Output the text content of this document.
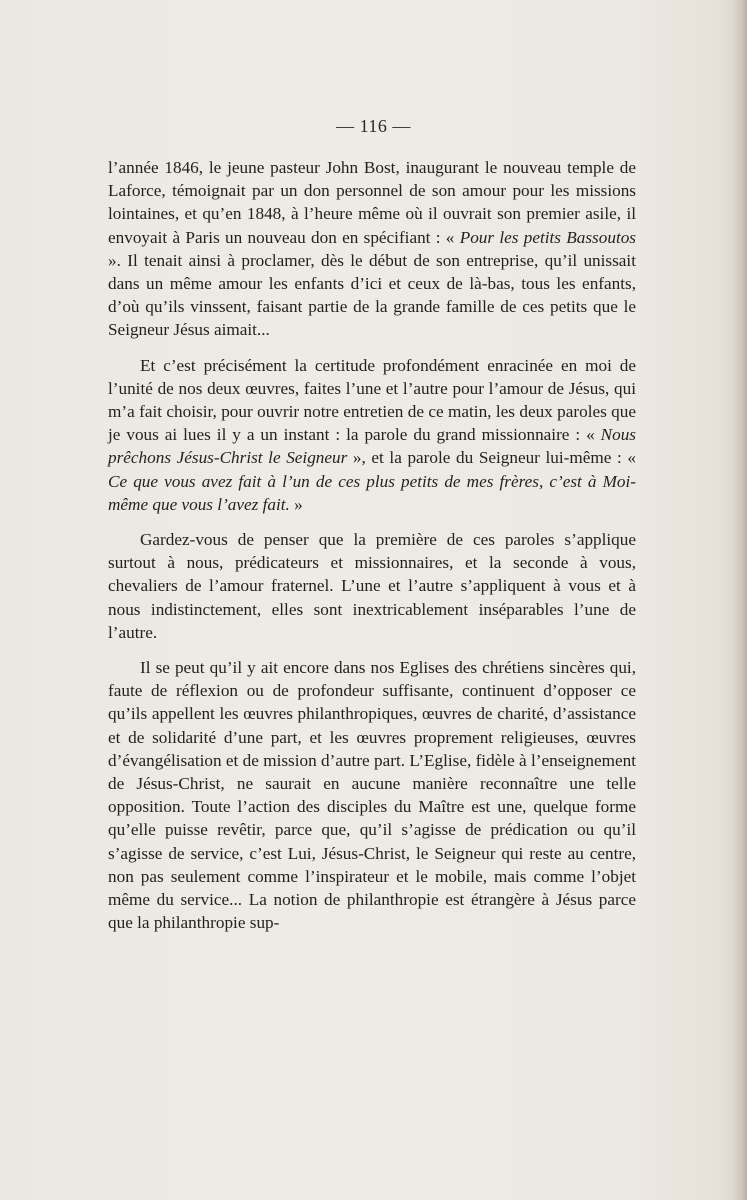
— 116 —

l’année 1846, le jeune pasteur John Bost, inaugurant le nouveau temple de Laforce, témoignait par un don personnel de son amour pour les missions lointaines, et qu’en 1848, à l’heure même où il ouvrait son premier asile, il envoyait à Paris un nouveau don en spécifiant : « Pour les petits Bassoutos ». Il tenait ainsi à proclamer, dès le début de son entreprise, qu’il unissait dans un même amour les enfants d’ici et ceux de là-bas, tous les enfants, d’où qu’ils vinssent, faisant partie de la grande famille de ces petits que le Seigneur Jésus aimait...

Et c’est précisément la certitude profondément enracinée en moi de l’unité de nos deux œuvres, faites l’une et l’autre pour l’amour de Jésus, qui m’a fait choisir, pour ouvrir notre entretien de ce matin, les deux paroles que je vous ai lues il y a un instant : la parole du grand missionnaire : « Nous prêchons Jésus-Christ le Seigneur », et la parole du Seigneur lui-même : « Ce que vous avez fait à l’un de ces plus petits de mes frères, c’est à Moi-même que vous l’avez fait. »

Gardez-vous de penser que la première de ces paroles s’applique surtout à nous, prédicateurs et missionnaires, et la seconde à vous, chevaliers de l’amour fraternel. L’une et l’autre s’appliquent à vous et à nous indistinctement, elles sont inextricablement inséparables l’une de l’autre.

Il se peut qu’il y ait encore dans nos Eglises des chrétiens sincères qui, faute de réflexion ou de profondeur suffisante, continuent d’opposer ce qu’ils appellent les œuvres philanthropiques, œuvres de charité, d’assistance et de solidarité d’une part, et les œuvres proprement religieuses, œuvres d’évangélisation et de mission d’autre part. L’Eglise, fidèle à l’enseignement de Jésus-Christ, ne saurait en aucune manière reconnaître une telle opposition. Toute l’action des disciples du Maître est une, quelque forme qu’elle puisse revêtir, parce que, qu’il s’agisse de prédication ou qu’il s’agisse de service, c’est Lui, Jésus-Christ, le Seigneur qui reste au centre, non pas seulement comme l’inspirateur et le mobile, mais comme l’objet même du service... La notion de philanthropie est étrangère à Jésus parce que la philanthropie sup-
